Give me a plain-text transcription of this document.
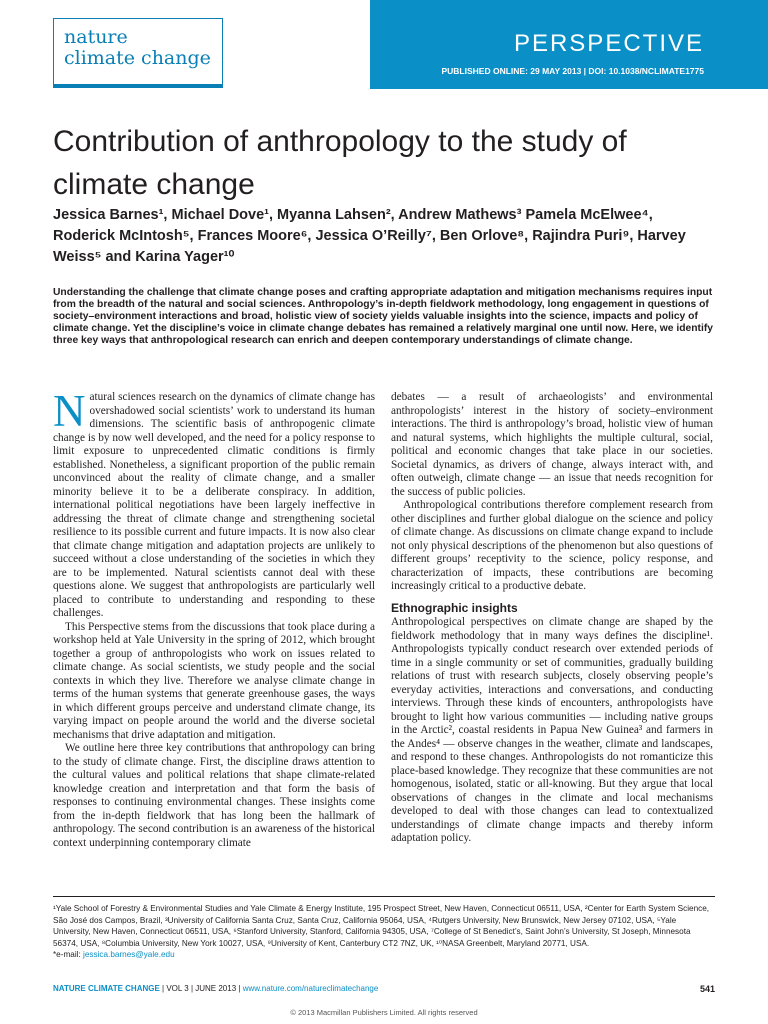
nature
climate change
PERSPECTIVE
PUBLISHED ONLINE: 29 MAY 2013 | DOI: 10.1038/NCLIMATE1775
Contribution of anthropology to the study of climate change
Jessica Barnes¹, Michael Dove¹, Myanna Lahsen², Andrew Mathews³ Pamela McElwee⁴, Roderick McIntosh⁵, Frances Moore⁶, Jessica O’Reilly⁷, Ben Orlove⁸, Rajindra Puri⁹, Harvey Weiss⁵ and Karina Yager¹⁰
Understanding the challenge that climate change poses and crafting appropriate adaptation and mitigation mechanisms requires input from the breadth of the natural and social sciences. Anthropology’s in-depth fieldwork methodology, long engagement in questions of society–environment interactions and broad, holistic view of society yields valuable insights into the science, impacts and policy of climate change. Yet the discipline’s voice in climate change debates has remained a relatively marginal one until now. Here, we identify three key ways that anthropological research can enrich and deepen contemporary understandings of climate change.

Natural sciences research on the dynamics of climate change has overshadowed social scientists’ work to understand its human dimensions. The scientific basis of anthropogenic climate change is by now well developed, and the need for a policy response to limit exposure to unprecedented climatic conditions is firmly established. Nonetheless, a significant proportion of the public remain unconvinced about the reality of climate change, and a smaller minority believe it to be a deliberate conspiracy. In addition, international political negotiations have been largely ineffective in addressing the threat of climate change and strengthening societal resilience to its possible current and future impacts. It is now also clear that climate change mitigation and adaptation projects are unlikely to succeed without a close understanding of the societies in which they are to be implemented. Natural scientists cannot deal with these questions alone. We suggest that anthropologists are particularly well placed to contribute to understanding and responding to these challenges.

This Perspective stems from the discussions that took place during a workshop held at Yale University in the spring of 2012, which brought together a group of anthropologists who work on issues related to climate change. As social scientists, we study people and the social contexts in which they live. Therefore we analyse climate change in terms of the human systems that generate greenhouse gases, the ways in which different groups perceive and understand climate change, its varying impact on people around the world and the diverse societal mechanisms that drive adaptation and mitigation.

We outline here three key contributions that anthropology can bring to the study of climate change. First, the discipline draws attention to the cultural values and political relations that shape climate-related knowledge creation and interpretation and that form the basis of responses to continuing environmental changes. These insights come from the in-depth fieldwork that has long been the hallmark of anthropology. The second contribution is an awareness of the historical context underpinning contemporary climate

debates — a result of archaeologists’ and environmental anthropologists’ interest in the history of society–environment interactions. The third is anthropology’s broad, holistic view of human and natural systems, which highlights the multiple cultural, social, political and economic changes that take place in our societies. Societal dynamics, as drivers of change, always interact with, and often outweigh, climate change — an issue that needs recognition for the success of public policies.

Anthropological contributions therefore complement research from other disciplines and further global dialogue on the science and policy of climate change. As discussions on climate change expand to include not only physical descriptions of the phenomenon but also questions of different groups’ receptivity to the science, policy response, and characterization of impacts, these contributions are becoming increasingly critical to a productive debate.

Ethnographic insights

Anthropological perspectives on climate change are shaped by the fieldwork methodology that in many ways defines the discipline¹. Anthropologists typically conduct research over extended periods of time in a single community or set of communities, gradually building relations of trust with research subjects, closely observing people’s everyday activities, interactions and conversations, and conducting interviews. Through these kinds of encounters, anthropologists have brought to light how various communities — including native groups in the Arctic², coastal residents in Papua New Guinea³ and farmers in the Andes⁴ — observe changes in the weather, climate and landscapes, and respond to these changes. Anthropologists do not romanticize this place-based knowledge. They recognize that these communities are not homogenous, isolated, static or all-knowing. But they argue that local observations of changes in the climate and local mechanisms developed to deal with those changes can lead to contextualized understandings of climate change impacts and thereby inform adaptation policy.

¹Yale School of Forestry & Environmental Studies and Yale Climate & Energy Institute, 195 Prospect Street, New Haven, Connecticut 06511, USA, ²Center for Earth System Science, São José dos Campos, Brazil, ³University of California Santa Cruz, Santa Cruz, California 95064, USA, ⁴Rutgers University, New Brunswick, New Jersey 07102, USA, ⁵Yale University, New Haven, Connecticut 06511, USA, ⁶Stanford University, Stanford, California 94305, USA, ⁷College of St Benedict’s, Saint John’s University, St Joseph, Minnesota 56374, USA, ⁸Columbia University, New York 10027, USA, ⁹University of Kent, Canterbury CT2 7NZ, UK, ¹⁰NASA Greenbelt, Maryland 20771, USA.
*e-mail: jessica.barnes@yale.edu
NATURE CLIMATE CHANGE | VOL 3 | JUNE 2013 | www.nature.com/natureclimatechange	541
© 2013 Macmillan Publishers Limited. All rights reserved
